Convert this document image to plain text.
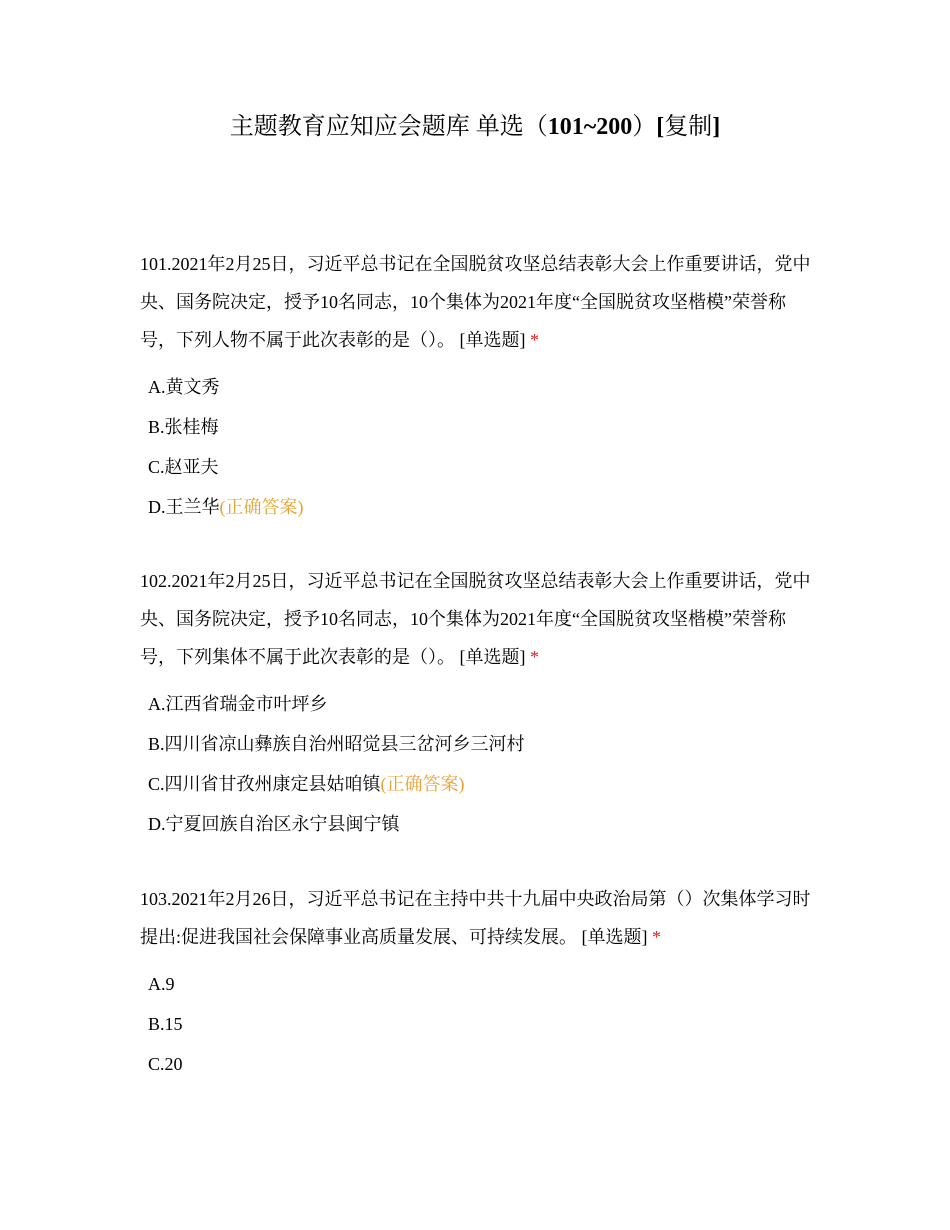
主题教育应知应会题库 单选（101~200）[复制]

101.2021年2月25日，习近平总书记在全国脱贫攻坚总结表彰大会上作重要讲话，党中央、国务院决定，授予10名同志，10个集体为2021年度“全国脱贫攻坚楷模”荣誉称号，下列人物不属于此次表彰的是（）。 [单选题] *

A.黄文秀
B.张桂梅
C.赵亚夫
D.王兰华(正确答案)

102.2021年2月25日，习近平总书记在全国脱贫攻坚总结表彰大会上作重要讲话，党中央、国务院决定，授予10名同志，10个集体为2021年度“全国脱贫攻坚楷模”荣誉称号，下列集体不属于此次表彰的是（）。 [单选题] *

A.江西省瑞金市叶坪乡
B.四川省凉山彝族自治州昭觉县三岔河乡三河村
C.四川省甘孜州康定县姑咱镇(正确答案)
D.宁夏回族自治区永宁县闽宁镇

103.2021年2月26日，习近平总书记在主持中共十九届中央政治局第（）次集体学习时提出:促进我国社会保障事业高质量发展、可持续发展。 [单选题] *

A.9
B.15
C.20
